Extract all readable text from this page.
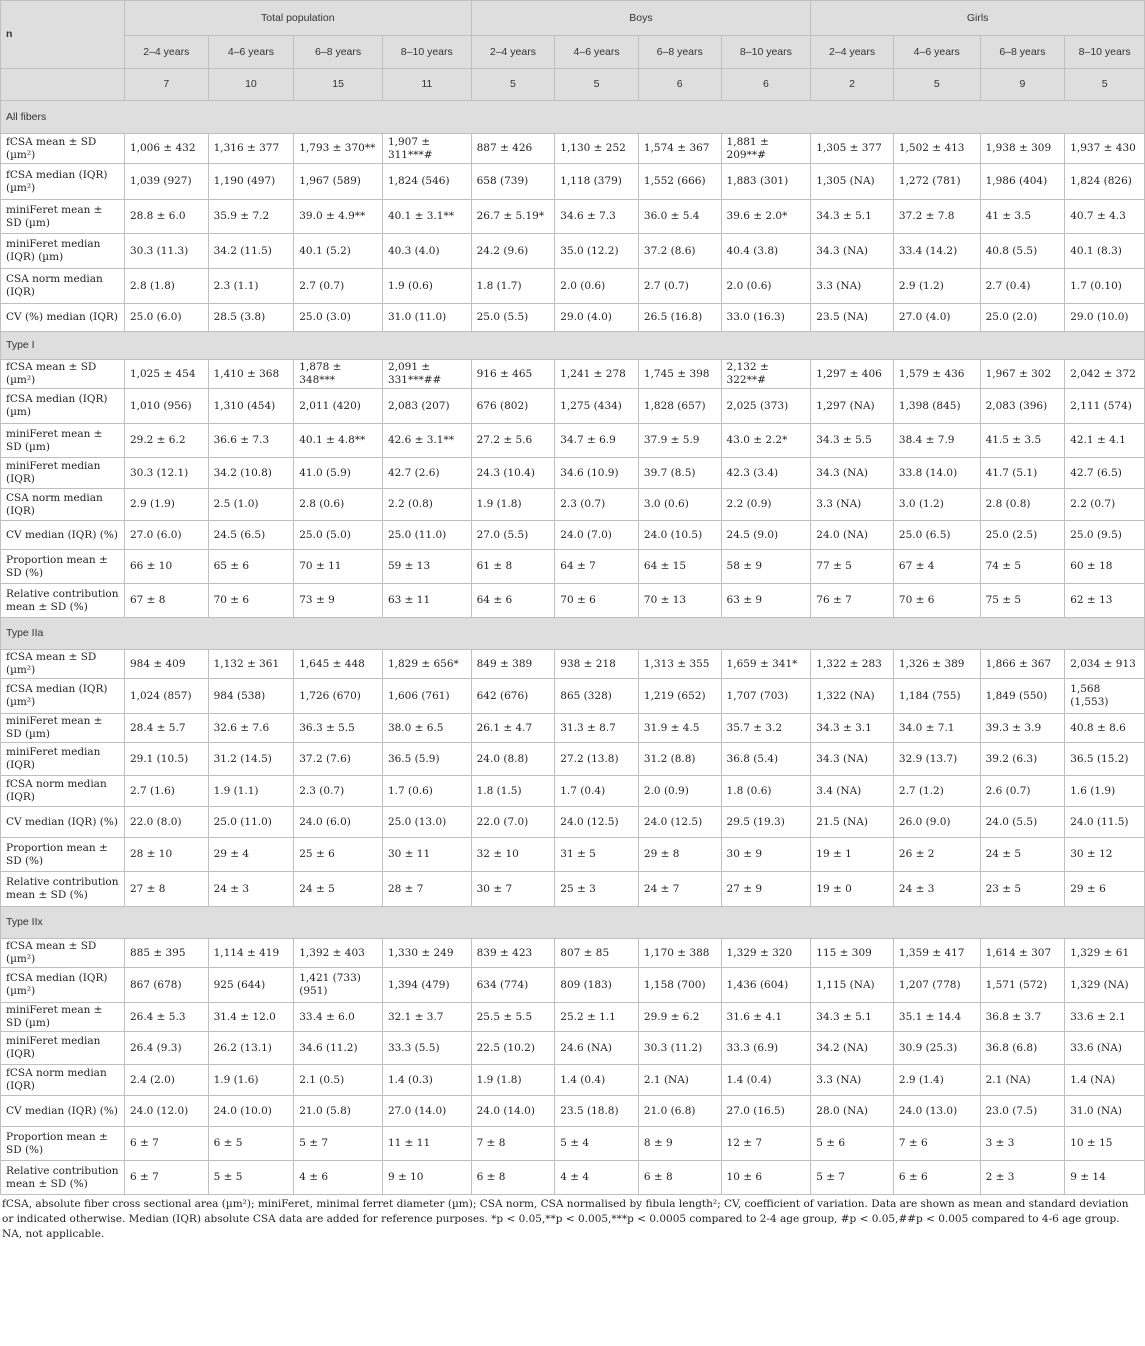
n	Total population				Boys				Girls			
	2–4 years	4–6 years	6–8 years	8–10 years	2–4 years	4–6 years	6–8 years	8–10 years	2–4 years	4–6 years	6–8 years	8–10 years
	7	10	15	11	5	5	6	6	2	5	9	5
All fibers												
fCSA mean ± SD (µm²)	1,006 ± 432	1,316 ± 377	1,793 ± 370**	1,907 ± 311***#	887 ± 426	1,130 ± 252	1,574 ± 367	1,881 ± 209**#	1,305 ± 377	1,502 ± 413	1,938 ± 309	1,937 ± 430
fCSA median (IQR) (µm²)	1,039 (927)	1,190 (497)	1,967 (589)	1,824 (546)	658 (739)	1,118 (379)	1,552 (666)	1,883 (301)	1,305 (NA)	1,272 (781)	1,986 (404)	1,824 (826)
miniFeret mean ± SD (µm)	28.8 ± 6.0	35.9 ± 7.2	39.0 ± 4.9**	40.1 ± 3.1**	26.7 ± 5.19*	34.6 ± 7.3	36.0 ± 5.4	39.6 ± 2.0*	34.3 ± 5.1	37.2 ± 7.8	41 ± 3.5	40.7 ± 4.3
miniFeret median (IQR) (µm)	30.3 (11.3)	34.2 (11.5)	40.1 (5.2)	40.3 (4.0)	24.2 (9.6)	35.0 (12.2)	37.2 (8.6)	40.4 (3.8)	34.3 (NA)	33.4 (14.2)	40.8 (5.5)	40.1 (8.3)
CSA norm median (IQR)	2.8 (1.8)	2.3 (1.1)	2.7 (0.7)	1.9 (0.6)	1.8 (1.7)	2.0 (0.6)	2.7 (0.7)	2.0 (0.6)	3.3 (NA)	2.9 (1.2)	2.7 (0.4)	1.7 (0.10)
CV (%) median (IQR)	25.0 (6.0)	28.5 (3.8)	25.0 (3.0)	31.0 (11.0)	25.0 (5.5)	29.0 (4.0)	26.5 (16.8)	33.0 (16.3)	23.5 (NA)	27.0 (4.0)	25.0 (2.0)	29.0 (10.0)
Type I												
fCSA mean ± SD (µm²)	1,025 ± 454	1,410 ± 368	1,878 ± 348***	2,091 ± 331***##	916 ± 465	1,241 ± 278	1,745 ± 398	2,132 ± 322**#	1,297 ± 406	1,579 ± 436	1,967 ± 302	2,042 ± 372
fCSA median (IQR) (µm)	1,010 (956)	1,310 (454)	2,011 (420)	2,083 (207)	676 (802)	1,275 (434)	1,828 (657)	2,025 (373)	1,297 (NA)	1,398 (845)	2,083 (396)	2,111 (574)
miniFeret mean ± SD (µm)	29.2 ± 6.2	36.6 ± 7.3	40.1 ± 4.8**	42.6 ± 3.1**	27.2 ± 5.6	34.7 ± 6.9	37.9 ± 5.9	43.0 ± 2.2*	34.3 ± 5.5	38.4 ± 7.9	41.5 ± 3.5	42.1 ± 4.1
miniFeret median (IQR)	30.3 (12.1)	34.2 (10.8)	41.0 (5.9)	42.7 (2.6)	24.3 (10.4)	34.6 (10.9)	39.7 (8.5)	42.3 (3.4)	34.3 (NA)	33.8 (14.0)	41.7 (5.1)	42.7 (6.5)
CSA norm median (IQR)	2.9 (1.9)	2.5 (1.0)	2.8 (0.6)	2.2 (0.8)	1.9 (1.8)	2.3 (0.7)	3.0 (0.6)	2.2 (0.9)	3.3 (NA)	3.0 (1.2)	2.8 (0.8)	2.2 (0.7)
CV median (IQR) (%)	27.0 (6.0)	24.5 (6.5)	25.0 (5.0)	25.0 (11.0)	27.0 (5.5)	24.0 (7.0)	24.0 (10.5)	24.5 (9.0)	24.0 (NA)	25.0 (6.5)	25.0 (2.5)	25.0 (9.5)
Proportion mean ± SD (%)	66 ± 10	65 ± 6	70 ± 11	59 ± 13	61 ± 8	64 ± 7	64 ± 15	58 ± 9	77 ± 5	67 ± 4	74 ± 5	60 ± 18
Relative contribution mean ± SD (%)	67 ± 8	70 ± 6	73 ± 9	63 ± 11	64 ± 6	70 ± 6	70 ± 13	63 ± 9	76 ± 7	70 ± 6	75 ± 5	62 ± 13
Type IIa												
fCSA mean ± SD (µm²)	984 ± 409	1,132 ± 361	1,645 ± 448	1,829 ± 656*	849 ± 389	938 ± 218	1,313 ± 355	1,659 ± 341*	1,322 ± 283	1,326 ± 389	1,866 ± 367	2,034 ± 913
fCSA median (IQR) (µm²)	1,024 (857)	984 (538)	1,726 (670)	1,606 (761)	642 (676)	865 (328)	1,219 (652)	1,707 (703)	1,322 (NA)	1,184 (755)	1,849 (550)	1,568 (1,553)
miniFeret mean ± SD (µm)	28.4 ± 5.7	32.6 ± 7.6	36.3 ± 5.5	38.0 ± 6.5	26.1 ± 4.7	31.3 ± 8.7	31.9 ± 4.5	35.7 ± 3.2	34.3 ± 3.1	34.0 ± 7.1	39.3 ± 3.9	40.8 ± 8.6
miniFeret median (IQR)	29.1 (10.5)	31.2 (14.5)	37.2 (7.6)	36.5 (5.9)	24.0 (8.8)	27.2 (13.8)	31.2 (8.8)	36.8 (5.4)	34.3 (NA)	32.9 (13.7)	39.2 (6.3)	36.5 (15.2)
fCSA norm median (IQR)	2.7 (1.6)	1.9 (1.1)	2.3 (0.7)	1.7 (0.6)	1.8 (1.5)	1.7 (0.4)	2.0 (0.9)	1.8 (0.6)	3.4 (NA)	2.7 (1.2)	2.6 (0.7)	1.6 (1.9)
CV median (IQR) (%)	22.0 (8.0)	25.0 (11.0)	24.0 (6.0)	25.0 (13.0)	22.0 (7.0)	24.0 (12.5)	24.0 (12.5)	29.5 (19.3)	21.5 (NA)	26.0 (9.0)	24.0 (5.5)	24.0 (11.5)
Proportion mean ± SD (%)	28 ± 10	29 ± 4	25 ± 6	30 ± 11	32 ± 10	31 ± 5	29 ± 8	30 ± 9	19 ± 1	26 ± 2	24 ± 5	30 ± 12
Relative contribution mean ± SD (%)	27 ± 8	24 ± 3	24 ± 5	28 ± 7	30 ± 7	25 ± 3	24 ± 7	27 ± 9	19 ± 0	24 ± 3	23 ± 5	29 ± 6
Type IIx												
fCSA mean ± SD (µm²)	885 ± 395	1,114 ± 419	1,392 ± 403	1,330 ± 249	839 ± 423	807 ± 85	1,170 ± 388	1,329 ± 320	115 ± 309	1,359 ± 417	1,614 ± 307	1,329 ± 61
fCSA median (IQR) (µm²)	867 (678)	925 (644)	1,421 (733) (951)	1,394 (479)	634 (774)	809 (183)	1,158 (700)	1,436 (604)	1,115 (NA)	1,207 (778)	1,571 (572)	1,329 (NA)
miniFeret mean ± SD (µm)	26.4 ± 5.3	31.4 ± 12.0	33.4 ± 6.0	32.1 ± 3.7	25.5 ± 5.5	25.2 ± 1.1	29.9 ± 6.2	31.6 ± 4.1	34.3 ± 5.1	35.1 ± 14.4	36.8 ± 3.7	33.6 ± 2.1
miniFeret median (IQR)	26.4 (9.3)	26.2 (13.1)	34.6 (11.2)	33.3 (5.5)	22.5 (10.2)	24.6 (NA)	30.3 (11.2)	33.3 (6.9)	34.2 (NA)	30.9 (25.3)	36.8 (6.8)	33.6 (NA)
fCSA norm median (IQR)	2.4 (2.0)	1.9 (1.6)	2.1 (0.5)	1.4 (0.3)	1.9 (1.8)	1.4 (0.4)	2.1 (NA)	1.4 (0.4)	3.3 (NA)	2.9 (1.4)	2.1 (NA)	1.4 (NA)
CV median (IQR) (%)	24.0 (12.0)	24.0 (10.0)	21.0 (5.8)	27.0 (14.0)	24.0 (14.0)	23.5 (18.8)	21.0 (6.8)	27.0 (16.5)	28.0 (NA)	24.0 (13.0)	23.0 (7.5)	31.0 (NA)
Proportion mean ± SD (%)	6 ± 7	6 ± 5	5 ± 7	11 ± 11	7 ± 8	5 ± 4	8 ± 9	12 ± 7	5 ± 6	7 ± 6	3 ± 3	10 ± 15
Relative contribution mean ± SD (%)	6 ± 7	5 ± 5	4 ± 6	9 ± 10	6 ± 8	4 ± 4	6 ± 8	10 ± 6	5 ± 7	6 ± 6	2 ± 3	9 ± 14
fCSA, absolute fiber cross sectional area (µm²); miniFeret, minimal ferret diameter (µm); CSA norm, CSA normalised by fibula length²; CV, coefficient of variation. Data are shown as mean and standard deviation or indicated otherwise. Median (IQR) absolute CSA data are added for reference purposes. *p < 0.05,**p < 0.005,***p < 0.0005 compared to 2-4 age group, #p < 0.05,##p < 0.005 compared to 4-6 age group. NA, not applicable.
